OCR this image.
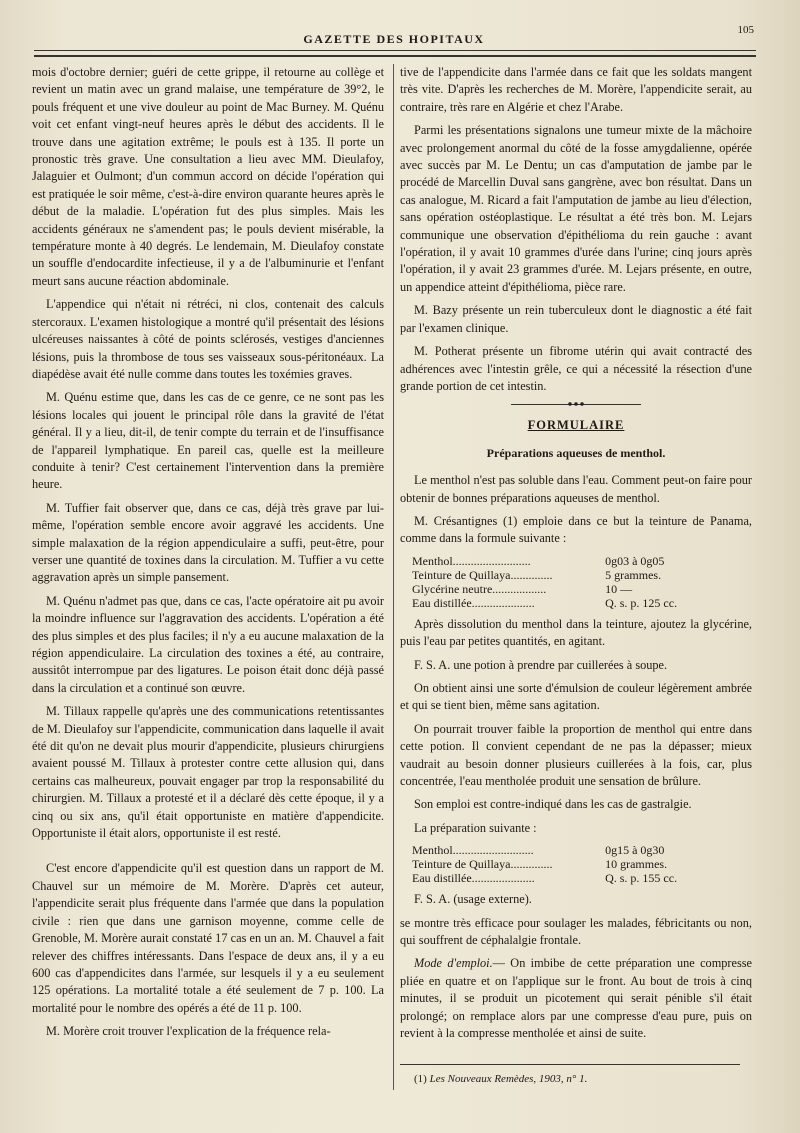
GAZETTE DES HOPITAUX
105

mois d'octobre dernier; guéri de cette grippe, il retourne au collège et revient un matin avec un grand malaise, une température de 39°2, le pouls fréquent et une vive douleur au point de Mac Burney. M. Quénu voit cet enfant vingt-neuf heures après le début des accidents. Il le trouve dans une agitation extrême; le pouls est à 135. Il porte un pronostic très grave. Une consultation a lieu avec MM. Dieulafoy, Jalaguier et Oulmont; d'un commun accord on décide l'opération qui est pratiquée le soir même, c'est-à-dire environ quarante heures après le début de la maladie. L'opération fut des plus simples. Mais les accidents généraux ne s'amendent pas; le pouls devient misérable, la température monte à 40 degrés. Le lendemain, M. Dieulafoy constate un souffle d'endocardite infectieuse, il y a de l'albuminurie et l'enfant meurt sans aucune réaction abdominale.

L'appendice qui n'était ni rétréci, ni clos, contenait des calculs stercoraux. L'examen histologique a montré qu'il présentait des lésions ulcéreuses naissantes à côté de points sclérosés, vestiges d'anciennes lésions, puis la thrombose de tous ses vaisseaux sous-péritonéaux. La diapédèse avait été nulle comme dans toutes les toxémies graves.

M. Quénu estime que, dans les cas de ce genre, ce ne sont pas les lésions locales qui jouent le principal rôle dans la gravité de l'état général. Il y a lieu, dit-il, de tenir compte du terrain et de l'insuffisance de l'appareil lymphatique. En pareil cas, quelle est la meilleure conduite à tenir? C'est certainement l'intervention dans la première heure.

M. Tuffier fait observer que, dans ce cas, déjà très grave par lui-même, l'opération semble encore avoir aggravé les accidents. Une simple malaxation de la région appendiculaire a suffi, peut-être, pour verser une quantité de toxines dans la circulation. M. Tuffier a vu cette aggravation après un simple pansement.

M. Quénu n'admet pas que, dans ce cas, l'acte opératoire ait pu avoir la moindre influence sur l'aggravation des accidents. L'opération a été des plus simples et des plus faciles; il n'y a eu aucune malaxation de la région appendiculaire. La circulation des toxines a été, au contraire, aussitôt interrompue par des ligatures. Le poison était donc déjà passé dans la circulation et a continué son œuvre.

M. Tillaux rappelle qu'après une des communications retentissantes de M. Dieulafoy sur l'appendicite, communication dans laquelle il avait été dit qu'on ne devait plus mourir d'appendicite, plusieurs chirurgiens avaient poussé M. Tillaux à protester contre cette allusion qui, dans certains cas malheureux, pouvait engager par trop la responsabilité du chirurgien. M. Tillaux a protesté et il a déclaré dès cette époque, il y a cinq ou six ans, qu'il était opportuniste en matière d'appendicite. Opportuniste il était alors, opportuniste il est resté.

C'est encore d'appendicite qu'il est question dans un rapport de M. Chauvel sur un mémoire de M. Morère. D'après cet auteur, l'appendicite serait plus fréquente dans l'armée que dans la population civile : rien que dans une garnison moyenne, comme celle de Grenoble, M. Morère aurait constaté 17 cas en un an. M. Chauvel a fait relever des chiffres intéressants. Dans l'espace de deux ans, il y a eu 600 cas d'appendicites dans l'armée, sur lesquels il y a eu seulement 125 opérations. La mortalité totale a été seulement de 7 p. 100. La mortalité pour le nombre des opérés a été de 11 p. 100.

M. Morère croit trouver l'explication de la fréquence rela-

tive de l'appendicite dans l'armée dans ce fait que les soldats mangent très vite. D'après les recherches de M. Morère, l'appendicite serait, au contraire, très rare en Algérie et chez l'Arabe.

Parmi les présentations signalons une tumeur mixte de la mâchoire avec prolongement anormal du côté de la fosse amygdalienne, opérée avec succès par M. Le Dentu; un cas d'amputation de jambe par le procédé de Marcellin Duval sans gangrène, avec bon résultat. Dans un cas analogue, M. Ricard a fait l'amputation de jambe au lieu d'élection, sans opération ostéoplastique. Le résultat a été très bon. M. Lejars communique une observation d'épithélioma du rein gauche : avant l'opération, il y avait 10 grammes d'urée dans l'urine; cinq jours après l'opération, il y avait 23 grammes d'urée. M. Lejars présente, en outre, un appendice atteint d'épithélioma, pièce rare.

M. Bazy présente un rein tuberculeux dont le diagnostic a été fait par l'examen clinique.

M. Potherat présente un fibrome utérin qui avait contracté des adhérences avec l'intestin grêle, ce qui a nécessité la résection d'une grande portion de cet intestin.

FORMULAIRE
Préparations aqueuses de menthol.

Le menthol n'est pas soluble dans l'eau. Comment peut-on faire pour obtenir de bonnes préparations aqueuses de menthol.

M. Crésantignes (1) emploie dans ce but la teinture de Panama, comme dans la formule suivante :

Menthol..........................	0g03 à 0g05
Teinture de Quillaya..............	5 grammes.
Glycérine neutre..................	10 —
Eau distillée.....................	Q. s. p. 125 cc.

Après dissolution du menthol dans la teinture, ajoutez la glycérine, puis l'eau par petites quantités, en agitant.

F. S. A. une potion à prendre par cuillerées à soupe.

On obtient ainsi une sorte d'émulsion de couleur légèrement ambrée et qui se tient bien, même sans agitation.

On pourrait trouver faible la proportion de menthol qui entre dans cette potion. Il convient cependant de ne pas la dépasser; mieux vaudrait au besoin donner plusieurs cuillerées à la fois, car, plus concentrée, l'eau mentholée produit une sensation de brûlure.

Son emploi est contre-indiqué dans les cas de gastralgie.

La préparation suivante :

Menthol...........................	0g15 à 0g30
Teinture de Quillaya..............	10 grammes.
Eau distillée.....................	Q. s. p. 155 cc.

F. S. A. (usage externe).

se montre très efficace pour soulager les malades, fébricitants ou non, qui souffrent de céphalalgie frontale.

Mode d'emploi.— On imbibe de cette préparation une compresse pliée en quatre et on l'applique sur le front. Au bout de trois à cinq minutes, il se produit un picotement qui serait pénible s'il était prolongé; on remplace alors par une compresse d'eau pure, puis on revient à la compresse mentholée et ainsi de suite.

(1) Les Nouveaux Remèdes, 1903, n° 1.
